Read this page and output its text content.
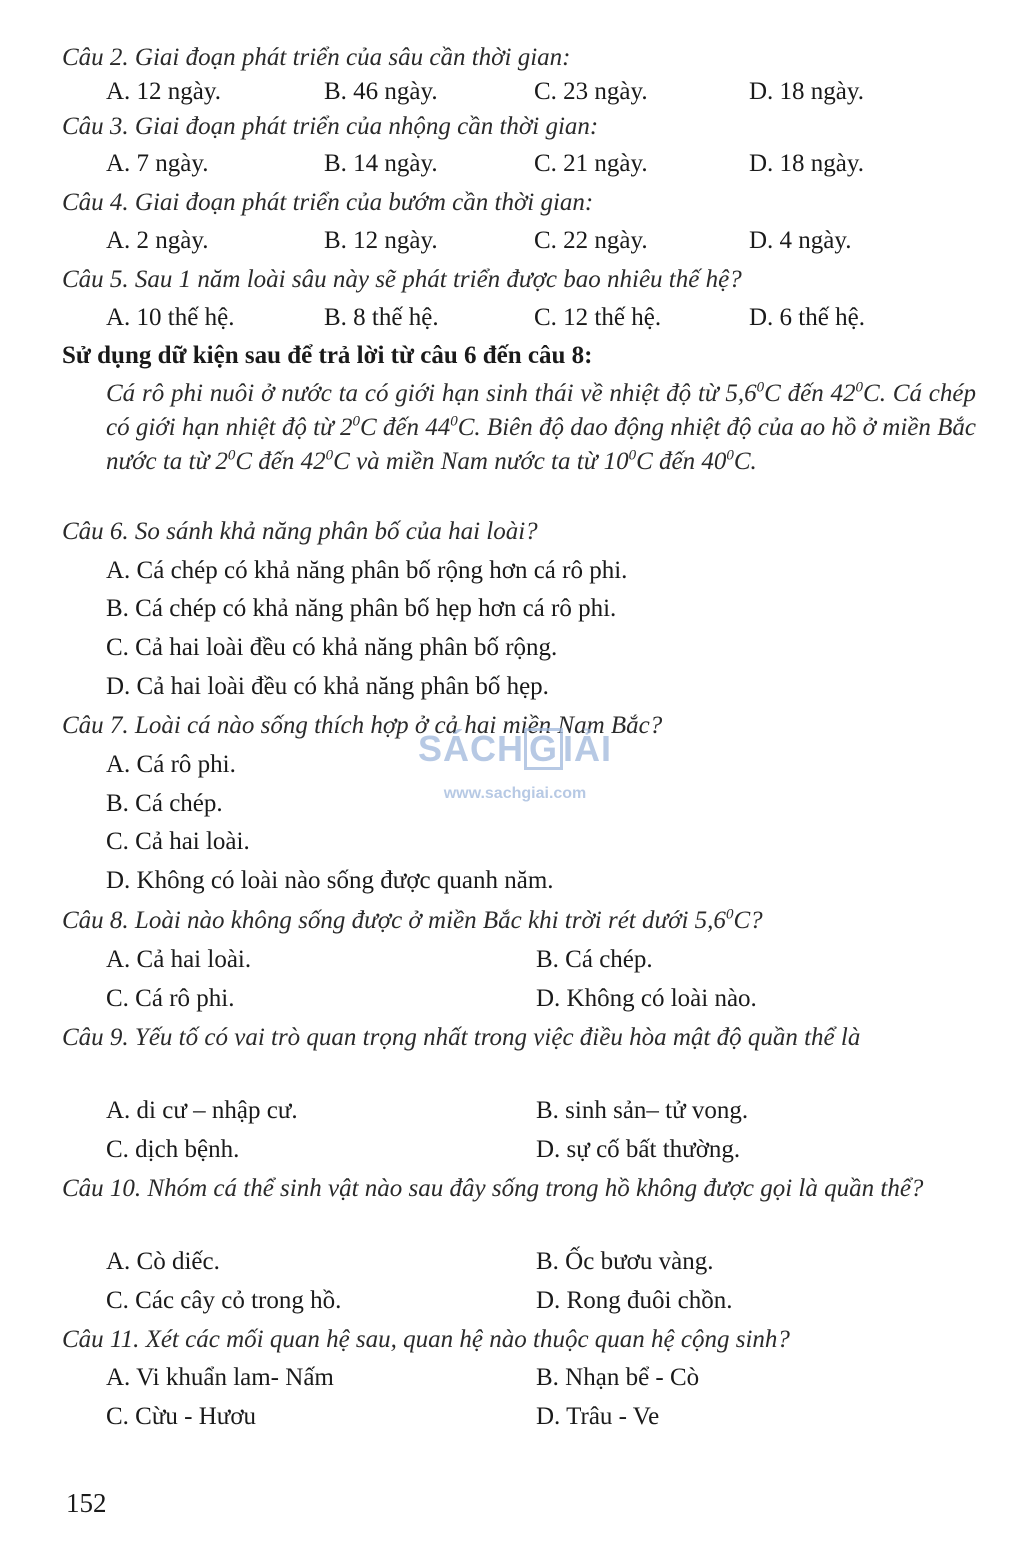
Câu 2. Giai đoạn phát triển của sâu cần thời gian:
A. 12 ngày.	B. 46 ngày.	C. 23 ngày.	D. 18 ngày.
Câu 3. Giai đoạn phát triển của nhộng cần thời gian:
A. 7 ngày.	B. 14 ngày.	C. 21 ngày.	D. 18 ngày.
Câu 4. Giai đoạn phát triển của bướm cần thời gian:
A. 2 ngày.	B. 12 ngày.	C. 22 ngày.	D. 4 ngày.
Câu 5. Sau 1 năm loài sâu này sẽ phát triển được bao nhiêu thế hệ?
A. 10 thế hệ.	B. 8 thế hệ.	C. 12 thế hệ.	D. 6 thế hệ.
Sử dụng dữ kiện sau để trả lời từ câu 6 đến câu 8:

Cá rô phi nuôi ở nước ta có giới hạn sinh thái về nhiệt độ từ $5,6^0C$ đến $42^0C$. Cá chép có giới hạn nhiệt độ từ $2^0C$ đến $44^0C$. Biên độ dao động nhiệt độ của ao hồ ở miền Bắc nước ta từ $2^0C$ đến $42^0C$ và miền Nam nước ta từ $10^0C$ đến $40^0C$.

Câu 6. So sánh khả năng phân bố của hai loài?
A. Cá chép có khả năng phân bố rộng hơn cá rô phi.
B. Cá chép có khả năng phân bố hẹp hơn cá rô phi.
C. Cả hai loài đều có khả năng phân bố rộng.
D. Cả hai loài đều có khả năng phân bố hẹp.
Câu 7. Loài cá nào sống thích hợp ở cả hai miền Nam Bắc?
A. Cá rô phi.
B. Cá chép.
C. Cả hai loài.
D. Không có loài nào sống được quanh năm.
SÁCH G IẢI
www.sachgiai.com
Câu 8. Loài nào không sống được ở miền Bắc khi trời rét dưới $5,6^0C$?
A. Cả hai loài.	B. Cá chép.
C. Cá rô phi.	D. Không có loài nào.
Câu 9. Yếu tố có vai trò quan trọng nhất trong việc điều hòa mật độ quần thể là
A. di cư – nhập cư.	B. sinh sản– tử vong.
C. dịch bệnh.	D. sự cố bất thường.
Câu 10. Nhóm cá thể sinh vật nào sau đây sống trong hồ không được gọi là quần thể?
A. Cò diếc.	B. Ốc bươu vàng.
C. Các cây cỏ trong hồ.	D. Rong đuôi chồn.
Câu 11. Xét các mối quan hệ sau, quan hệ nào thuộc quan hệ cộng sinh?
A. Vi khuẩn lam- Nấm	B. Nhạn bể - Cò
C. Cừu - Hươu	D. Trâu - Ve
152
